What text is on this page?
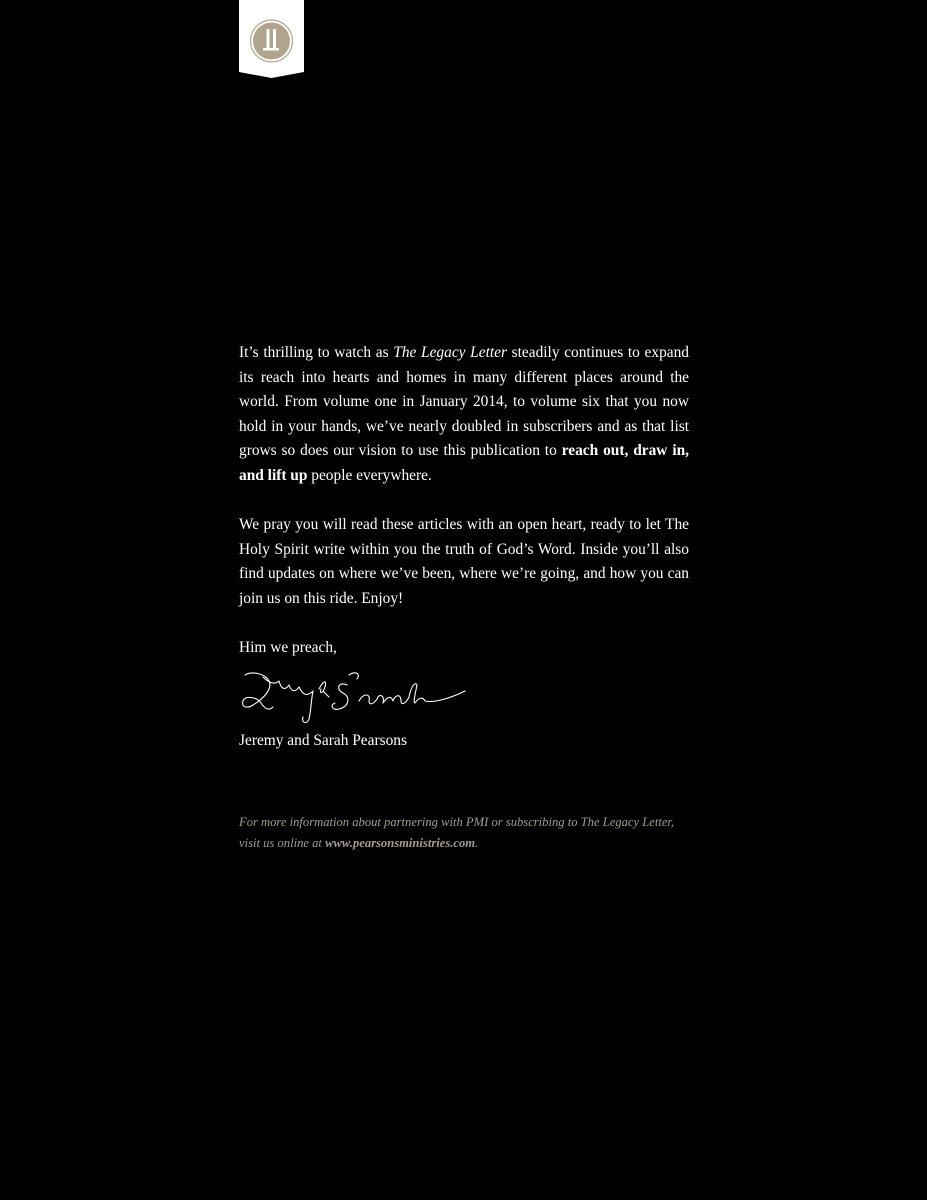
It’s thrilling to watch as The Legacy Letter steadily continues to expand its reach into hearts and homes in many different places around the world. From volume one in January 2014, to volume six that you now hold in your hands, we’ve nearly doubled in subscribers and as that list grows so does our vision to use this publication to reach out, draw in, and lift up people everywhere.

We pray you will read these articles with an open heart, ready to let The Holy Spirit write within you the truth of God’s Word. Inside you’ll also find updates on where we’ve been, where we’re going, and how you can join us on this ride. Enjoy!

Him we preach,

Jeremy and Sarah Pearsons

For more information about partnering with PMI or subscribing to The Legacy Letter, visit us online at www.pearsonsministries.com.
